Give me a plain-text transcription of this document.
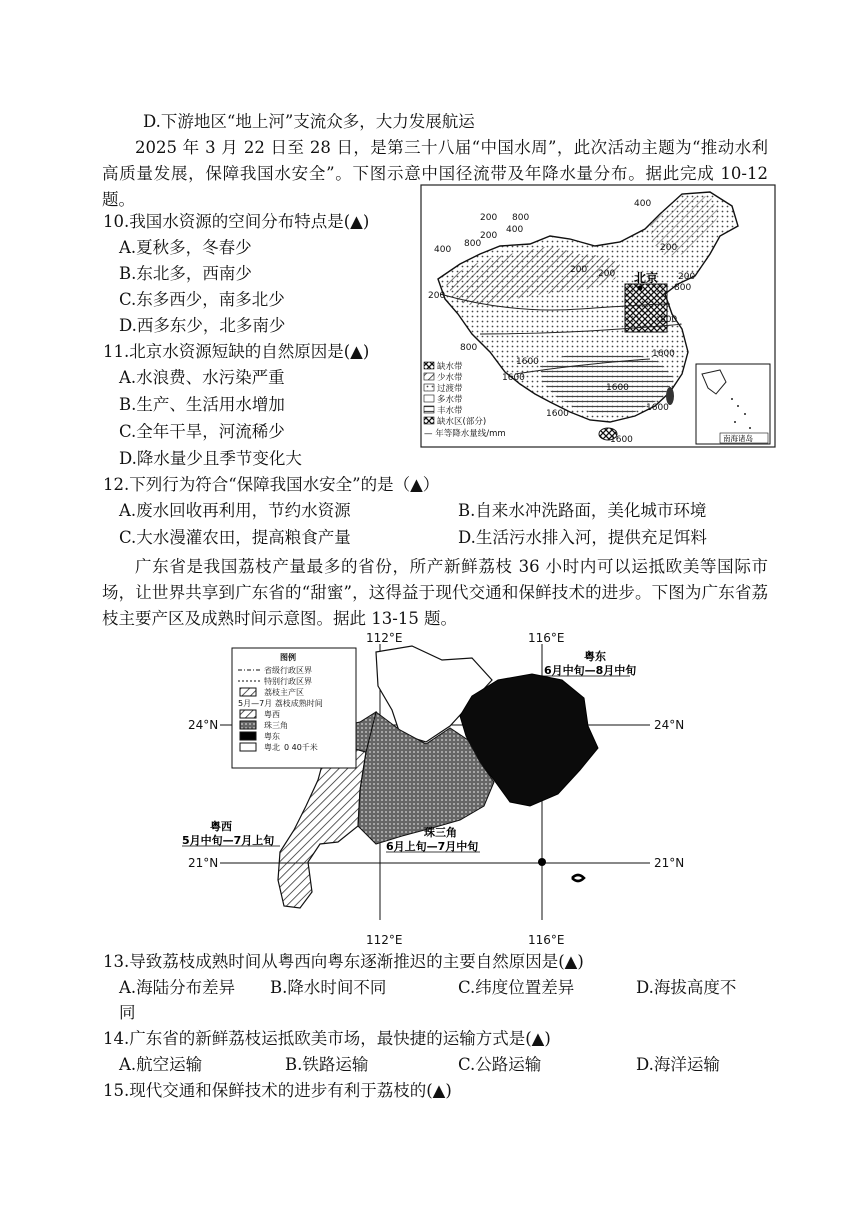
D.下游地区“地上河”支流众多，大力发展航运
2025 年 3 月 22 日至 28 日，是第三十八届“中国水周”，此次活动主题为“推动水利高质量发展，保障我国水安全”。下图示意中国径流带及年降水量分布。据此完成 10-12 题。
10.我国水资源的空间分布特点是(▲)
A.夏秋多，冬春少
B.东北多，西南少
C.东多西少，南多北少
D.西多东少，北多南少
11.北京水资源短缺的自然原因是(▲)
A.水浪费、水污染严重
B.生产、生活用水增加
C.全年干旱，河流稀少
D.降水量少且季节变化大
400
200 800
400
200
400
800
200
200
200	200
200
800
800
1600
1600
1600
1600
1600
800
1600
1600
北京
缺水带
少水带
过渡带
多水带
丰水带
缺水区(部分)
— 年等降水量线/mm	南海诸岛
12.下列行为符合“保障我国水安全”的是（▲）
A.废水回收再利用，节约水资源	B.自来水冲洗路面，美化城市环境
C.大水漫灌农田，提高粮食产量	D.生活污水排入河，提供充足饵料
广东省是我国荔枝产量最多的省份，所产新鲜荔枝 36 小时内可以运抵欧美等国际市场，让世界共享到广东省的“甜蜜”，这得益于现代交通和保鲜技术的进步。下图为广东省荔枝主要产区及成熟时间示意图。据此 13-15 题。
112°E	116°E
112°E	116°E
24°N	24°N
21°N	21°N
粤东
6月中旬—8月中旬
粤西
5月中旬—7月上旬
珠三角
6月上旬—7月中旬
图例
省级行政区界
特别行政区界
荔枝主产区
5月—7月 荔枝成熟时间
粤西
珠三角
粤东
粤北 0 40千米
13.导致荔枝成熟时间从粤西向粤东逐渐推迟的主要自然原因是(▲)
A.海陆分布差异 B.降水时间不同	C.纬度位置差异	D.海拔高度不
同
14.广东省的新鲜荔枝运抵欧美市场，最快捷的运输方式是(▲)
A.航空运输	B.铁路运输	C.公路运输	D.海洋运输
15.现代交通和保鲜技术的进步有利于荔枝的(▲)
